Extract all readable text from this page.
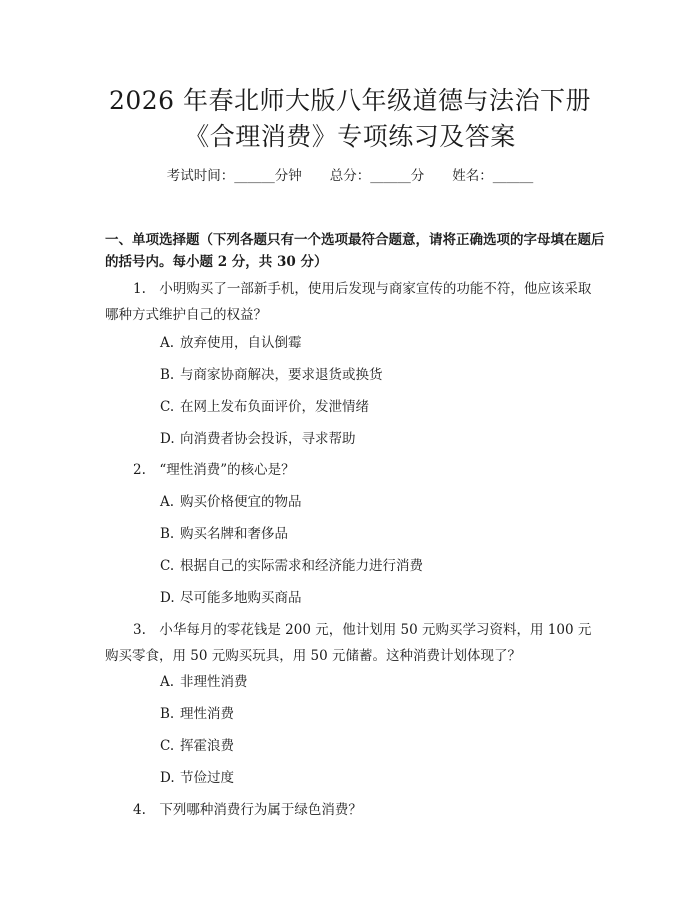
2026 年春北师大版八年级道德与法治下册
《合理消费》专项练习及答案
考试时间：______分钟 总分：______分 姓名：______
一、单项选择题（下列各题只有一个选项最符合题意，请将正确选项的字母填在题后的括号内。每小题 2 分，共 30 分）
1.　小明购买了一部新手机，使用后发现与商家宣传的功能不符，他应该采取哪种方式维护自己的权益？
A. 放弃使用，自认倒霉
B. 与商家协商解决，要求退货或换货
C. 在网上发布负面评价，发泄情绪
D. 向消费者协会投诉，寻求帮助
2.　“理性消费”的核心是？
A. 购买价格便宜的物品
B. 购买名牌和奢侈品
C. 根据自己的实际需求和经济能力进行消费
D. 尽可能多地购买商品
3.　小华每月的零花钱是 200 元，他计划用 50 元购买学习资料，用 100 元购买零食，用 50 元购买玩具，用 50 元储蓄。这种消费计划体现了？
A. 非理性消费
B. 理性消费
C. 挥霍浪费
D. 节俭过度
4.　下列哪种消费行为属于绿色消费？
